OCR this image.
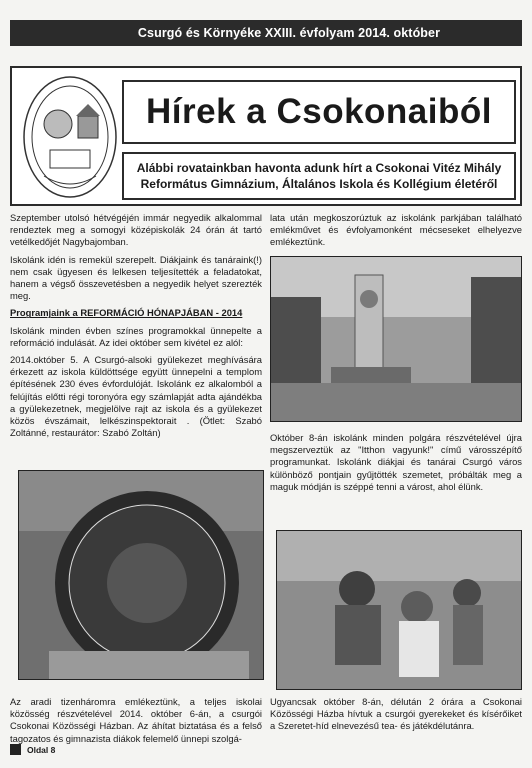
Csurgó és Környéke XXIII. évfolyam 2014. október
Hírek a Csokonaiból
Alábbi rovatainkban havonta adunk hírt a Csokonai Vitéz Mihály
Református Gimnázium, Általános Iskola és Kollégium életéről

Szeptember utolsó hétvégéjén immár negyedik alkalommal rendeztek meg a somogyi középiskolák 24 órán át tartó vetélkedőjét Nagybajomban.

Iskolánk idén is remekül szerepelt. Diákjaink és tanáraink(!) nem csak ügyesen és lelkesen teljesítették a feladatokat, hanem a végső összevetésben a negyedik helyet szerezték meg.

Programjaink a REFORMÁCIÓ HÓNAPJÁBAN - 2014

Iskolánk minden évben színes programokkal ünnepelte a reformáció indulását. Az idei október sem kivétel ez alól:

2014.október 5. A Csurgó-alsoki gyülekezet meghívására érkezett az iskola küldöttsége együtt ünnepelni a templom építésének 230 éves évfordulóját. Iskolánk ez alkalomból a felújítás előtti régi toronyóra egy számlapját adta ajándékba a gyülekezetnek, megjelölve rajt az iskola és a gyülekezet közös évszámait, lelkészinspektorait . (Ötlet: Szabó Zoltánné, restaurátor: Szabó Zoltán)

lata után megkoszorúztuk az iskolánk parkjában található emlékművet és évfolyamonként mécseseket elhelyezve emlékeztünk.

Október 8-án iskolánk minden polgára részvételével újra megszerveztük az "Itthon vagyunk!" című városszépítő programunkat. Iskolánk diákjai és tanárai Csurgó város különböző pontjain gyűjtötték szemetet, próbálták meg a maguk módján is széppé tenni a várost, ahol élünk.

Az aradi tizenháromra emlékeztünk, a teljes iskolai közösség részvételével 2014. október 6-án, a csurgói Csokonai Közösségi Házban. Az áhítat biztatása és a felső tagozatos és gimnazista diákok felemelő ünnepi szolgá-

Ugyancsak október 8-án, délután 2 órára a Csokonai Közösségi Házba hívtuk a csurgói gyerekeket és kísérőiket a Szeretet-híd elnevezésű tea- és játékdélutánra.

Oldal 8
